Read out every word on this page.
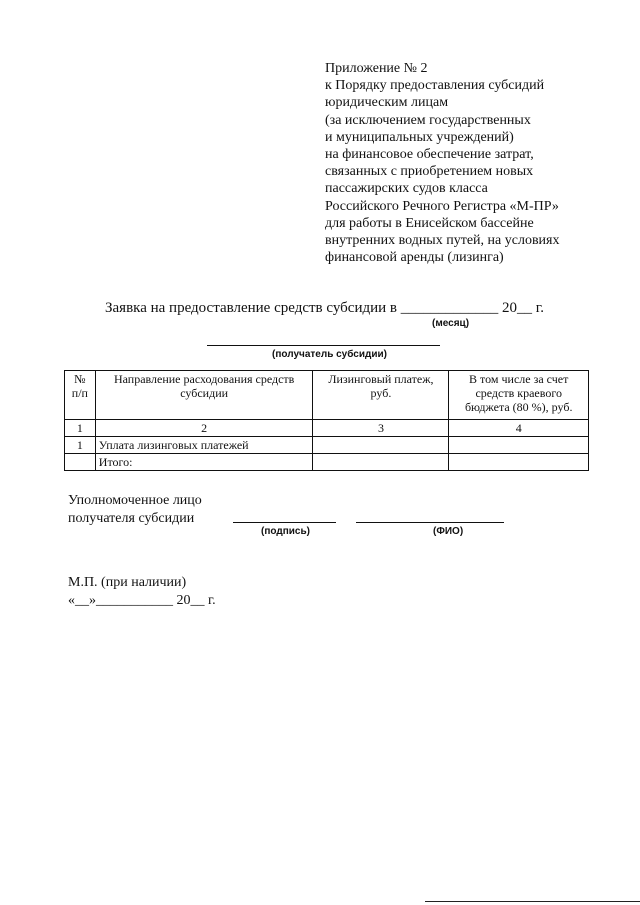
Приложение № 2
к Порядку предоставления субсидий
юридическим лицам
(за исключением государственных
и муниципальных учреждений)
на финансовое обеспечение затрат,
связанных с приобретением новых
пассажирских судов класса
Российского Речного Регистра «М-ПР»
для работы в Енисейском бассейне
внутренних водных путей, на условиях
финансовой аренды (лизинга)
Заявка на предоставление средств субсидии в _____________ 20__ г.
(месяц)
(получатель субсидии)
№ п/п	Направление расходования средств субсидии	Лизинговый платеж, руб.	В том числе за счет средств краевого бюджета (80 %), руб.
1	2	3	4
1	Уплата лизинговых платежей		
	Итого:		
Уполномоченное лицо
получателя субсидии
(подпись)	(ФИО)
М.П. (при наличии)
«__»___________ 20__ г.
